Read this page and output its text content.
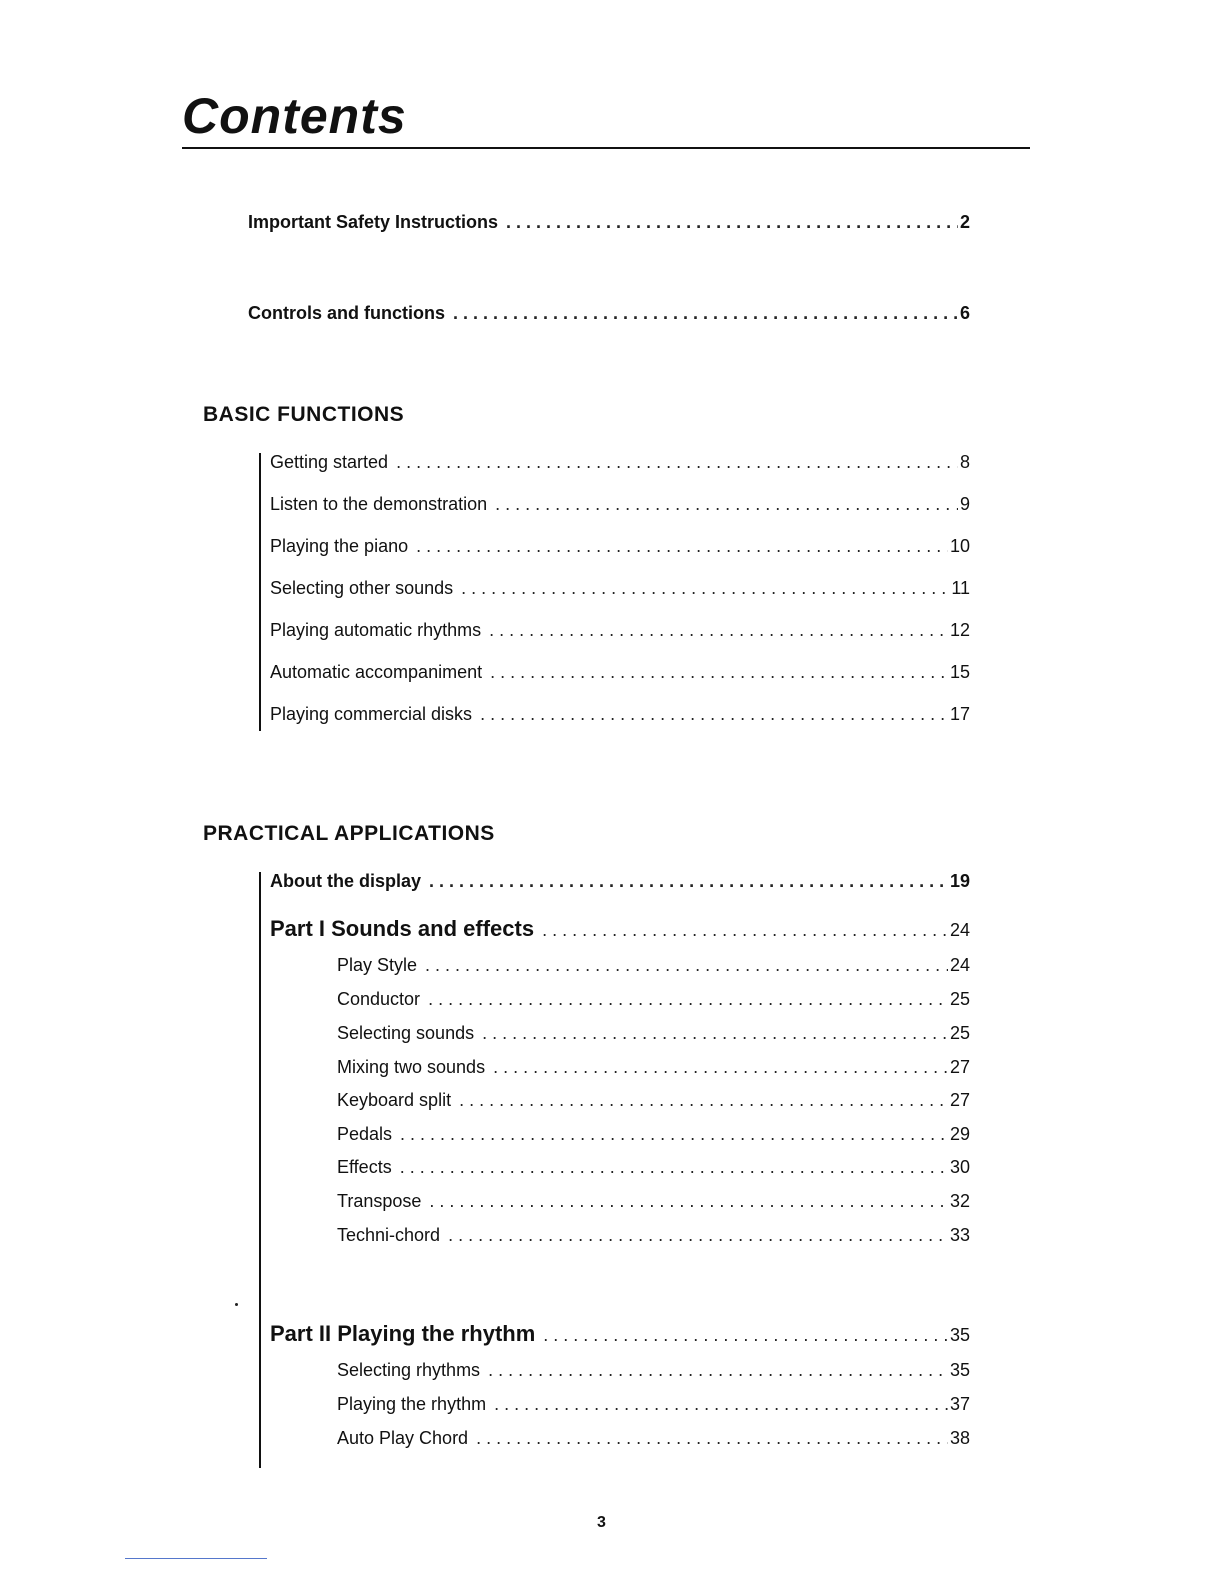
Contents
Important Safety Instructions . . .	2
Controls and functions . . .	6
BASIC FUNCTIONS
Getting started . . .	8
Listen to the demonstration . . .	9
Playing the piano . . .	10
Selecting other sounds . . .	11
Playing automatic rhythms . . .	12
Automatic accompaniment . . .	15
Playing commercial disks . . .	17
PRACTICAL APPLICATIONS
About the display . . .	19
Part I Sounds and effects . . .	24
Play Style . . .	24
Conductor . . .	25
Selecting sounds . . .	25
Mixing two sounds . . .	27
Keyboard split . . .	27
Pedals . . .	29
Effects . . .	30
Transpose . . .	32
Techni-chord . . .	33
Part II Playing the rhythm . . .	35
Selecting rhythms . . .	35
Playing the rhythm . . .	37
Auto Play Chord . . .	38
3
